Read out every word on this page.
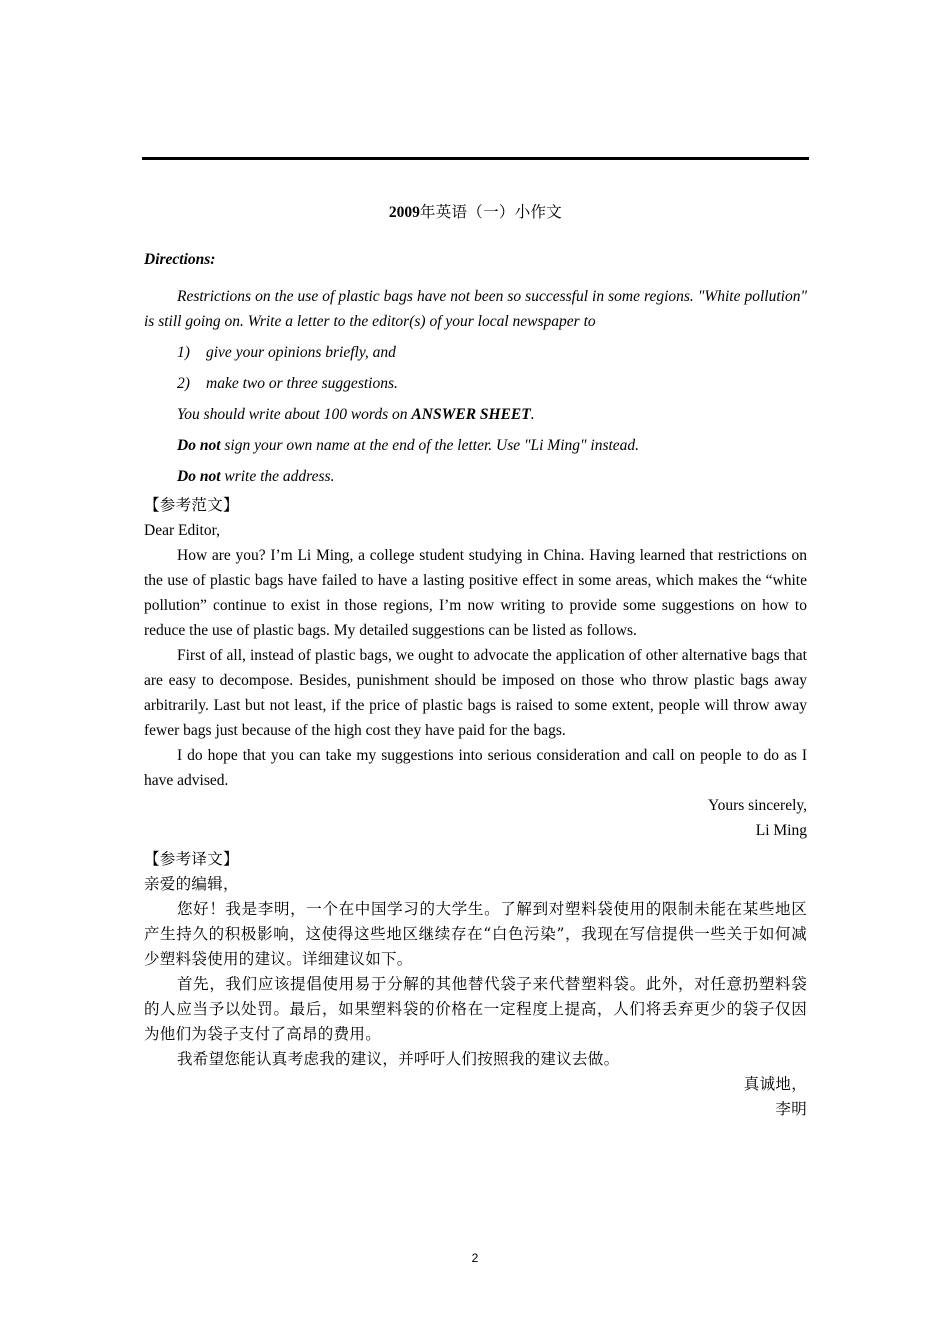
2009年英语（一）小作文

Directions:

Restrictions on the use of plastic bags have not been so successful in some regions. "White pollution" is still going on. Write a letter to the editor(s) of your local newspaper to

1) give your opinions briefly, and

2) make two or three suggestions.

You should write about 100 words on ANSWER SHEET.

Do not sign your own name at the end of the letter. Use "Li Ming" instead.

Do not write the address.

【参考范文】

Dear Editor,

How are you? I’m Li Ming, a college student studying in China. Having learned that restrictions on the use of plastic bags have failed to have a lasting positive effect in some areas, which makes the “white pollution” continue to exist in those regions, I’m now writing to provide some suggestions on how to reduce the use of plastic bags. My detailed suggestions can be listed as follows.

First of all, instead of plastic bags, we ought to advocate the application of other alternative bags that are easy to decompose. Besides, punishment should be imposed on those who throw plastic bags away arbitrarily. Last but not least, if the price of plastic bags is raised to some extent, people will throw away fewer bags just because of the high cost they have paid for the bags.

I do hope that you can take my suggestions into serious consideration and call on people to do as I have advised.

Yours sincerely,

Li Ming

【参考译文】

亲爱的编辑，

您好！我是李明，一个在中国学习的大学生。了解到对塑料袋使用的限制未能在某些地区产生持久的积极影响，这使得这些地区继续存在“白色污染”，我现在写信提供一些关于如何减少塑料袋使用的建议。详细建议如下。

首先，我们应该提倡使用易于分解的其他替代袋子来代替塑料袋。此外，对任意扔塑料袋的人应当予以处罚。最后，如果塑料袋的价格在一定程度上提高，人们将丢弃更少的袋子仅因为他们为袋子支付了高昂的费用。

我希望您能认真考虑我的建议，并呼吁人们按照我的建议去做。

真诚地，

李明

2
